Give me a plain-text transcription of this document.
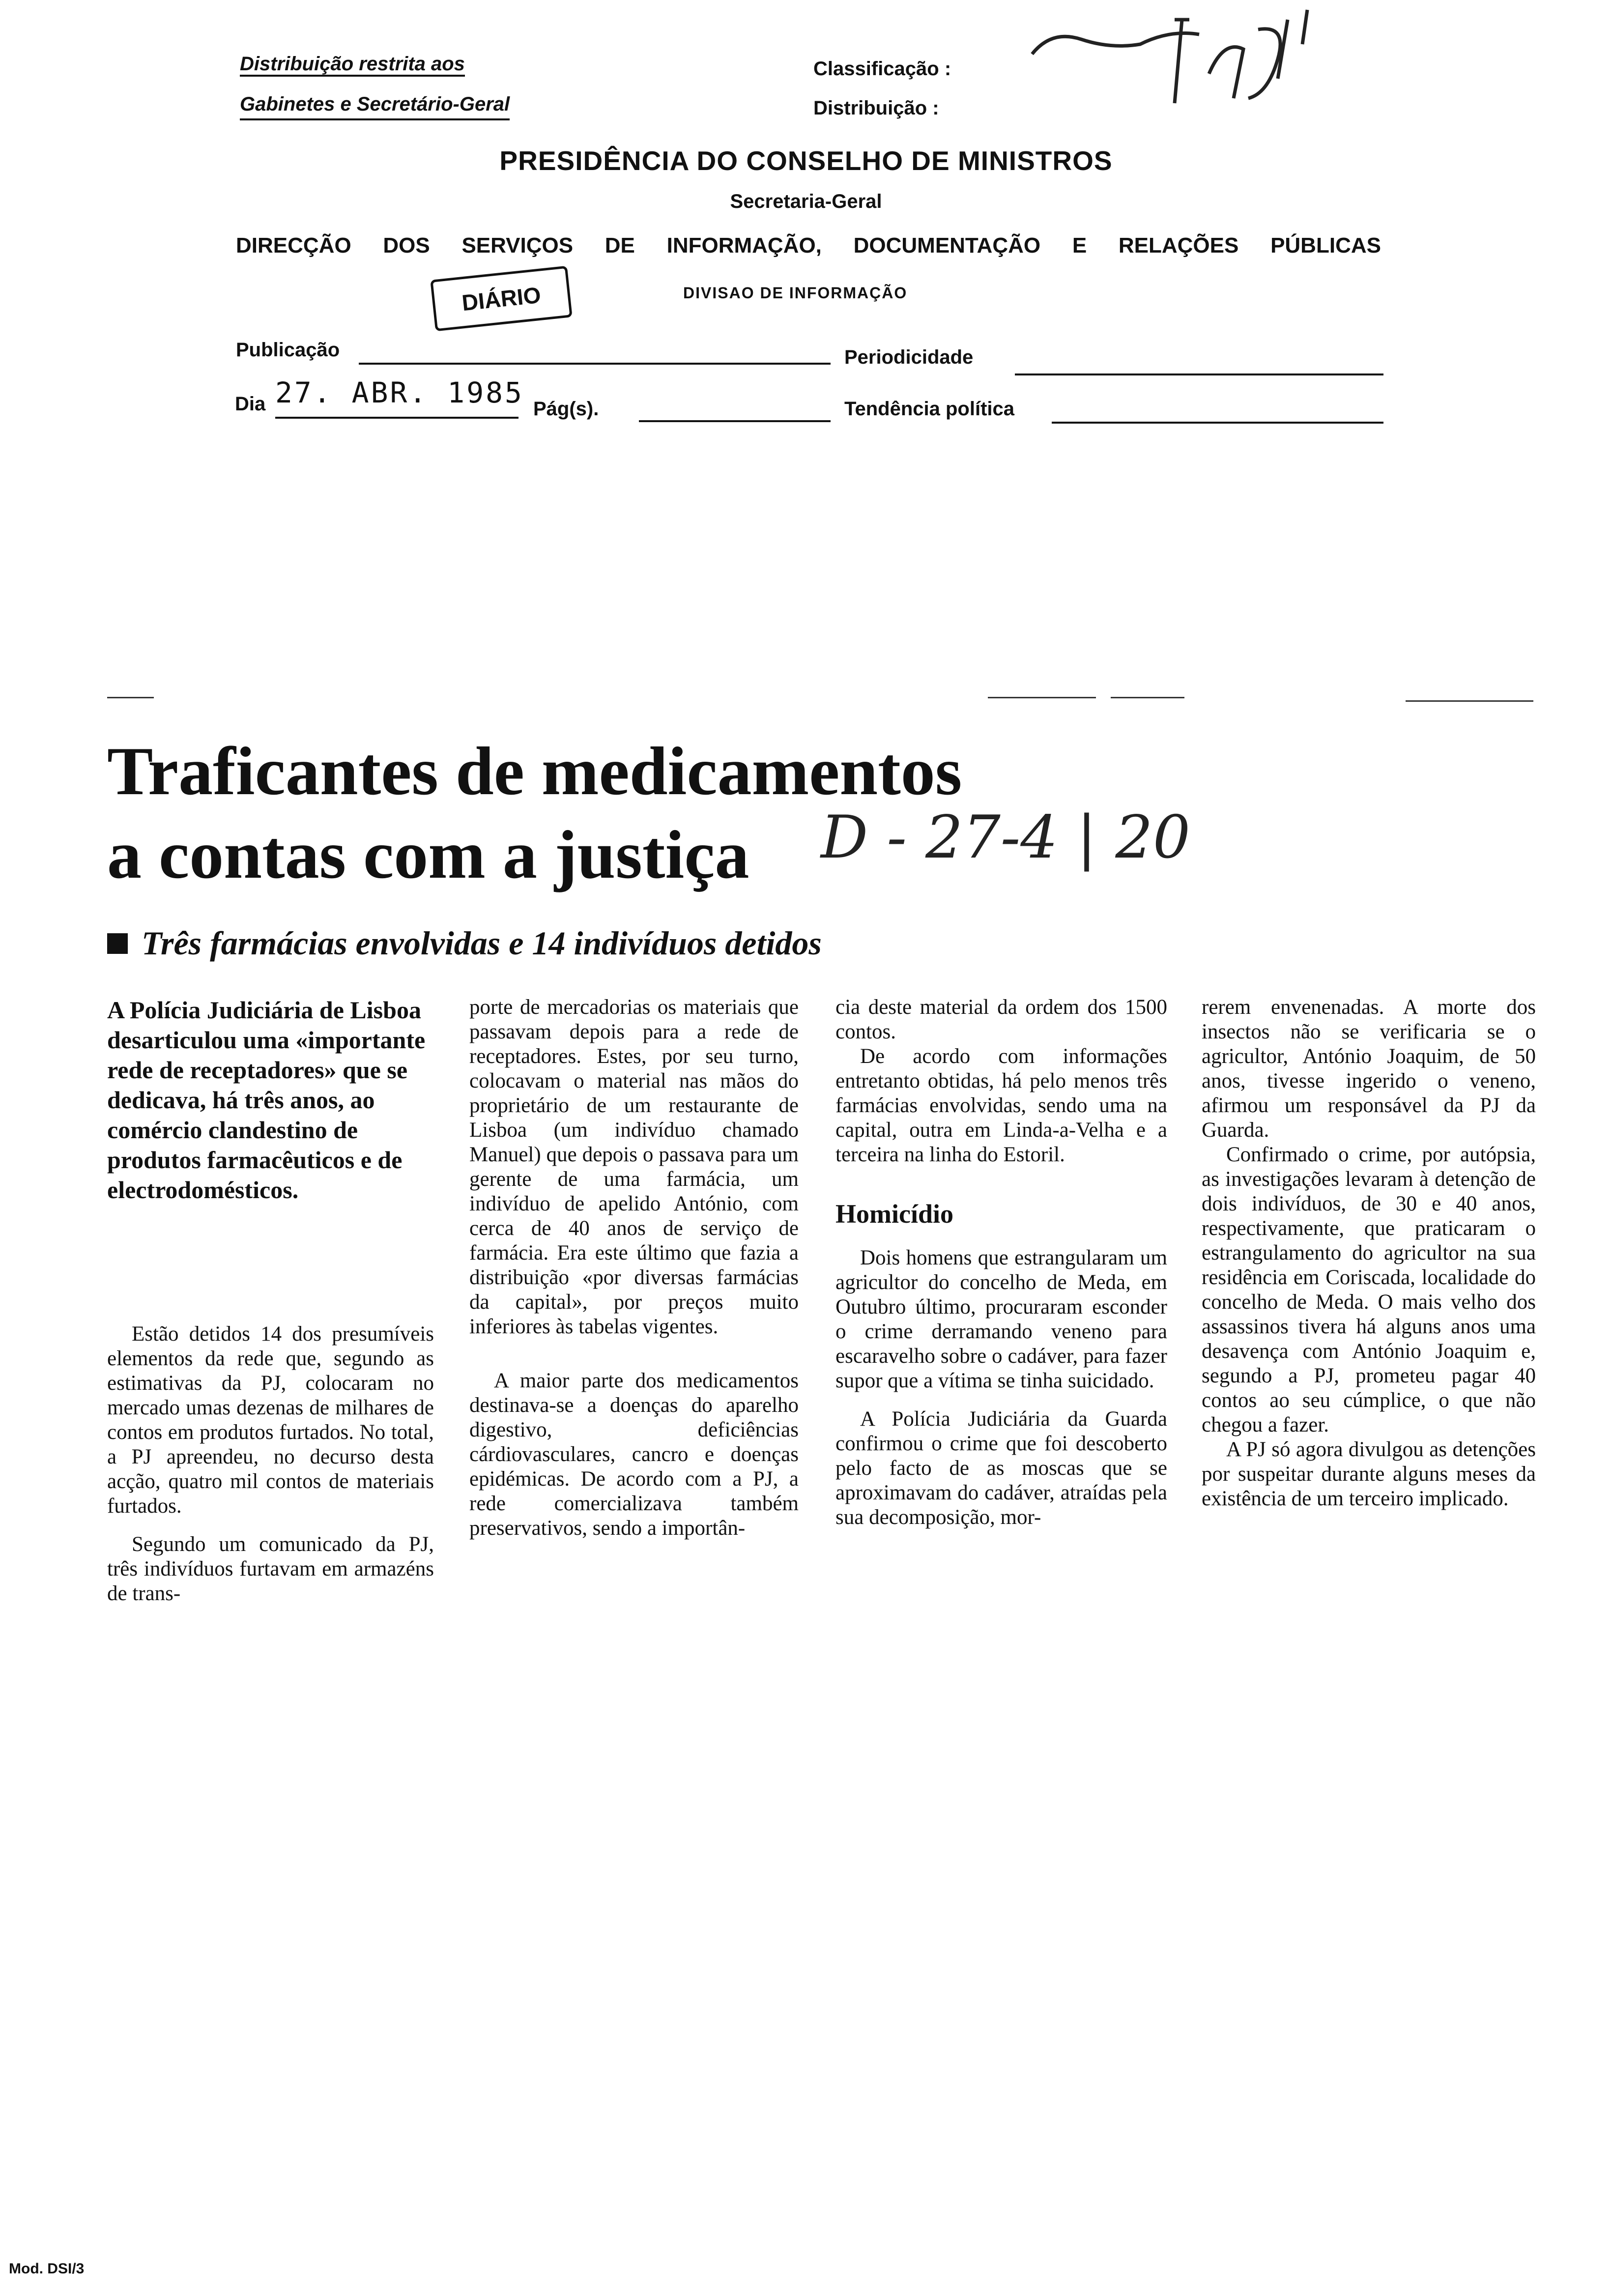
Distribuição restrita aos
Gabinetes e Secretário-Geral
Classificação :
Distribuição :
7.7.1
PRESIDÊNCIA DO CONSELHO DE MINISTROS
Secretaria-Geral
DIRECÇÃO DOS SERVIÇOS DE INFORMAÇÃO, DOCUMENTAÇÃO E RELAÇÕES PÚBLICAS
DIÁRIO	DIVISAO DE INFORMAÇÃO
Publicação	Periodicidade
Dia 27. ABR. 1985 Pág(s).	Tendência política
Traficantes de medicamentos
a contas com a justiça D - 27-4 | 20
Três farmácias envolvidas e 14 indivíduos detidos
A Polícia Judiciária de Lisboa desarticulou uma «importante rede de receptadores» que se dedicava, há três anos, ao comércio clandestino de produtos farmacêuticos e de electrodomésticos.

Estão detidos 14 dos presumíveis elementos da rede que, segundo as estimativas da PJ, colocaram no mercado umas dezenas de milhares de contos em produtos furtados. No total, a PJ apreendeu, no decurso desta acção, quatro mil contos de materiais furtados.

Segundo um comunicado da PJ, três indivíduos furtavam em armazéns de trans-

porte de mercadorias os materiais que passavam depois para a rede de receptadores. Estes, por seu turno, colocavam o material nas mãos do proprietário de um restaurante de Lisboa (um indivíduo chamado Manuel) que depois o passava para um gerente de uma farmácia, um indivíduo de apelido António, com cerca de 40 anos de serviço de farmácia. Era este último que fazia a distribuição «por diversas farmácias da capital», por preços muito inferiores às tabelas vigentes.

A maior parte dos medicamentos destinava-se a doenças do aparelho digestivo, deficiências cárdiovasculares, cancro e doenças epidémicas. De acordo com a PJ, a rede comercializava também preservativos, sendo a importân-

cia deste material da ordem dos 1500 contos.

De acordo com informações entretanto obtidas, há pelo menos três farmácias envolvidas, sendo uma na capital, outra em Linda-a-Velha e a terceira na linha do Estoril.

Homicídio

Dois homens que estrangularam um agricultor do concelho de Meda, em Outubro último, procuraram esconder o crime derramando veneno para escaravelho sobre o cadáver, para fazer supor que a vítima se tinha suicidado.

A Polícia Judiciária da Guarda confirmou o crime que foi descoberto pelo facto de as moscas que se aproximavam do cadáver, atraídas pela sua decomposição, mor-

rerem envenenadas. A morte dos insectos não se verificaria se o agricultor, António Joaquim, de 50 anos, tivesse ingerido o veneno, afirmou um responsável da PJ da Guarda.

Confirmado o crime, por autópsia, as investigações levaram à detenção de dois indivíduos, de 30 e 40 anos, respectivamente, que praticaram o estrangulamento do agricultor na sua residência em Coriscada, localidade do concelho de Meda. O mais velho dos assassinos tivera há alguns anos uma desavença com António Joaquim e, segundo a PJ, prometeu pagar 40 contos ao seu cúmplice, o que não chegou a fazer.

A PJ só agora divulgou as detenções por suspeitar durante alguns meses da existência de um terceiro implicado.

Mod. DSI/3
